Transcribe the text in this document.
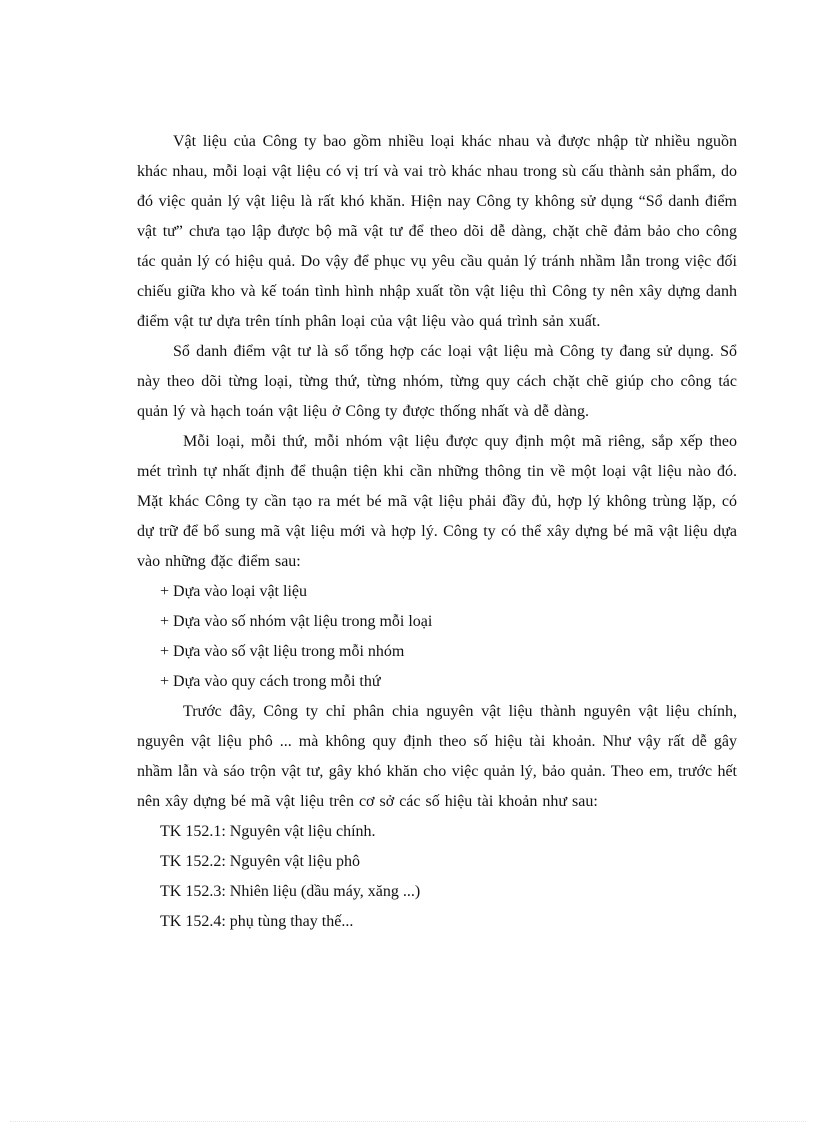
Vật liệu của Công ty bao gồm nhiều loại khác nhau và được nhập từ nhiều nguồn khác nhau, mỗi loại vật liệu có vị trí và vai trò khác nhau trong sù cấu thành sản phẩm, do đó việc quản lý vật liệu là rất khó khăn. Hiện nay Công ty không sử dụng “Sổ danh điểm vật tư” chưa tạo lập được bộ mã vật tư để theo dõi dễ dàng, chặt chẽ đảm bảo cho công tác quản lý có hiệu quả. Do vậy để phục vụ yêu cầu quản lý tránh nhầm lẫn trong việc đối chiếu giữa kho và kế toán tình hình nhập xuất tồn vật liệu thì Công ty nên xây dựng danh điểm vật tư dựa trên tính phân loại của vật liệu vào quá trình sản xuất.

Sổ danh điểm vật tư là sổ tổng hợp các loại vật liệu mà Công ty đang sử dụng. Sổ này theo dõi từng loại, từng thứ, từng nhóm, từng quy cách chặt chẽ giúp cho công tác quản lý và hạch toán vật liệu ở Công ty được thống nhất và dễ dàng.

Mỗi loại, mỗi thứ, mỗi nhóm vật liệu được quy định một mã riêng, sắp xếp theo mét trình tự nhất định để thuận tiện khi cần những thông tin về một loại vật liệu nào đó. Mặt khác Công ty cần tạo ra mét bé mã vật liệu phải đầy đủ, hợp lý không trùng lặp, có dự trữ để bổ sung mã vật liệu mới và hợp lý. Công ty có thể xây dựng bé mã vật liệu dựa vào những đặc điểm sau:

+ Dựa vào loại vật liệu

+ Dựa vào số nhóm vật liệu trong mỗi loại

+ Dựa vào số vật liệu trong mỗi nhóm

+ Dựa vào quy cách trong mỗi thứ

Trước đây, Công ty chỉ phân chia nguyên vật liệu thành nguyên vật liệu chính, nguyên vật liệu phô ... mà không quy định theo số hiệu tài khoản. Như vậy rất dễ gây nhầm lẫn và sáo trộn vật tư, gây khó khăn cho việc quản lý, bảo quản. Theo em, trước hết nên xây dựng bé mã vật liệu trên cơ sở các số hiệu tài khoản như sau:

TK 152.1: Nguyên vật liệu chính.

TK 152.2: Nguyên vật liệu phô

TK 152.3: Nhiên liệu (dầu máy, xăng ...)

TK 152.4: phụ tùng thay thế...
